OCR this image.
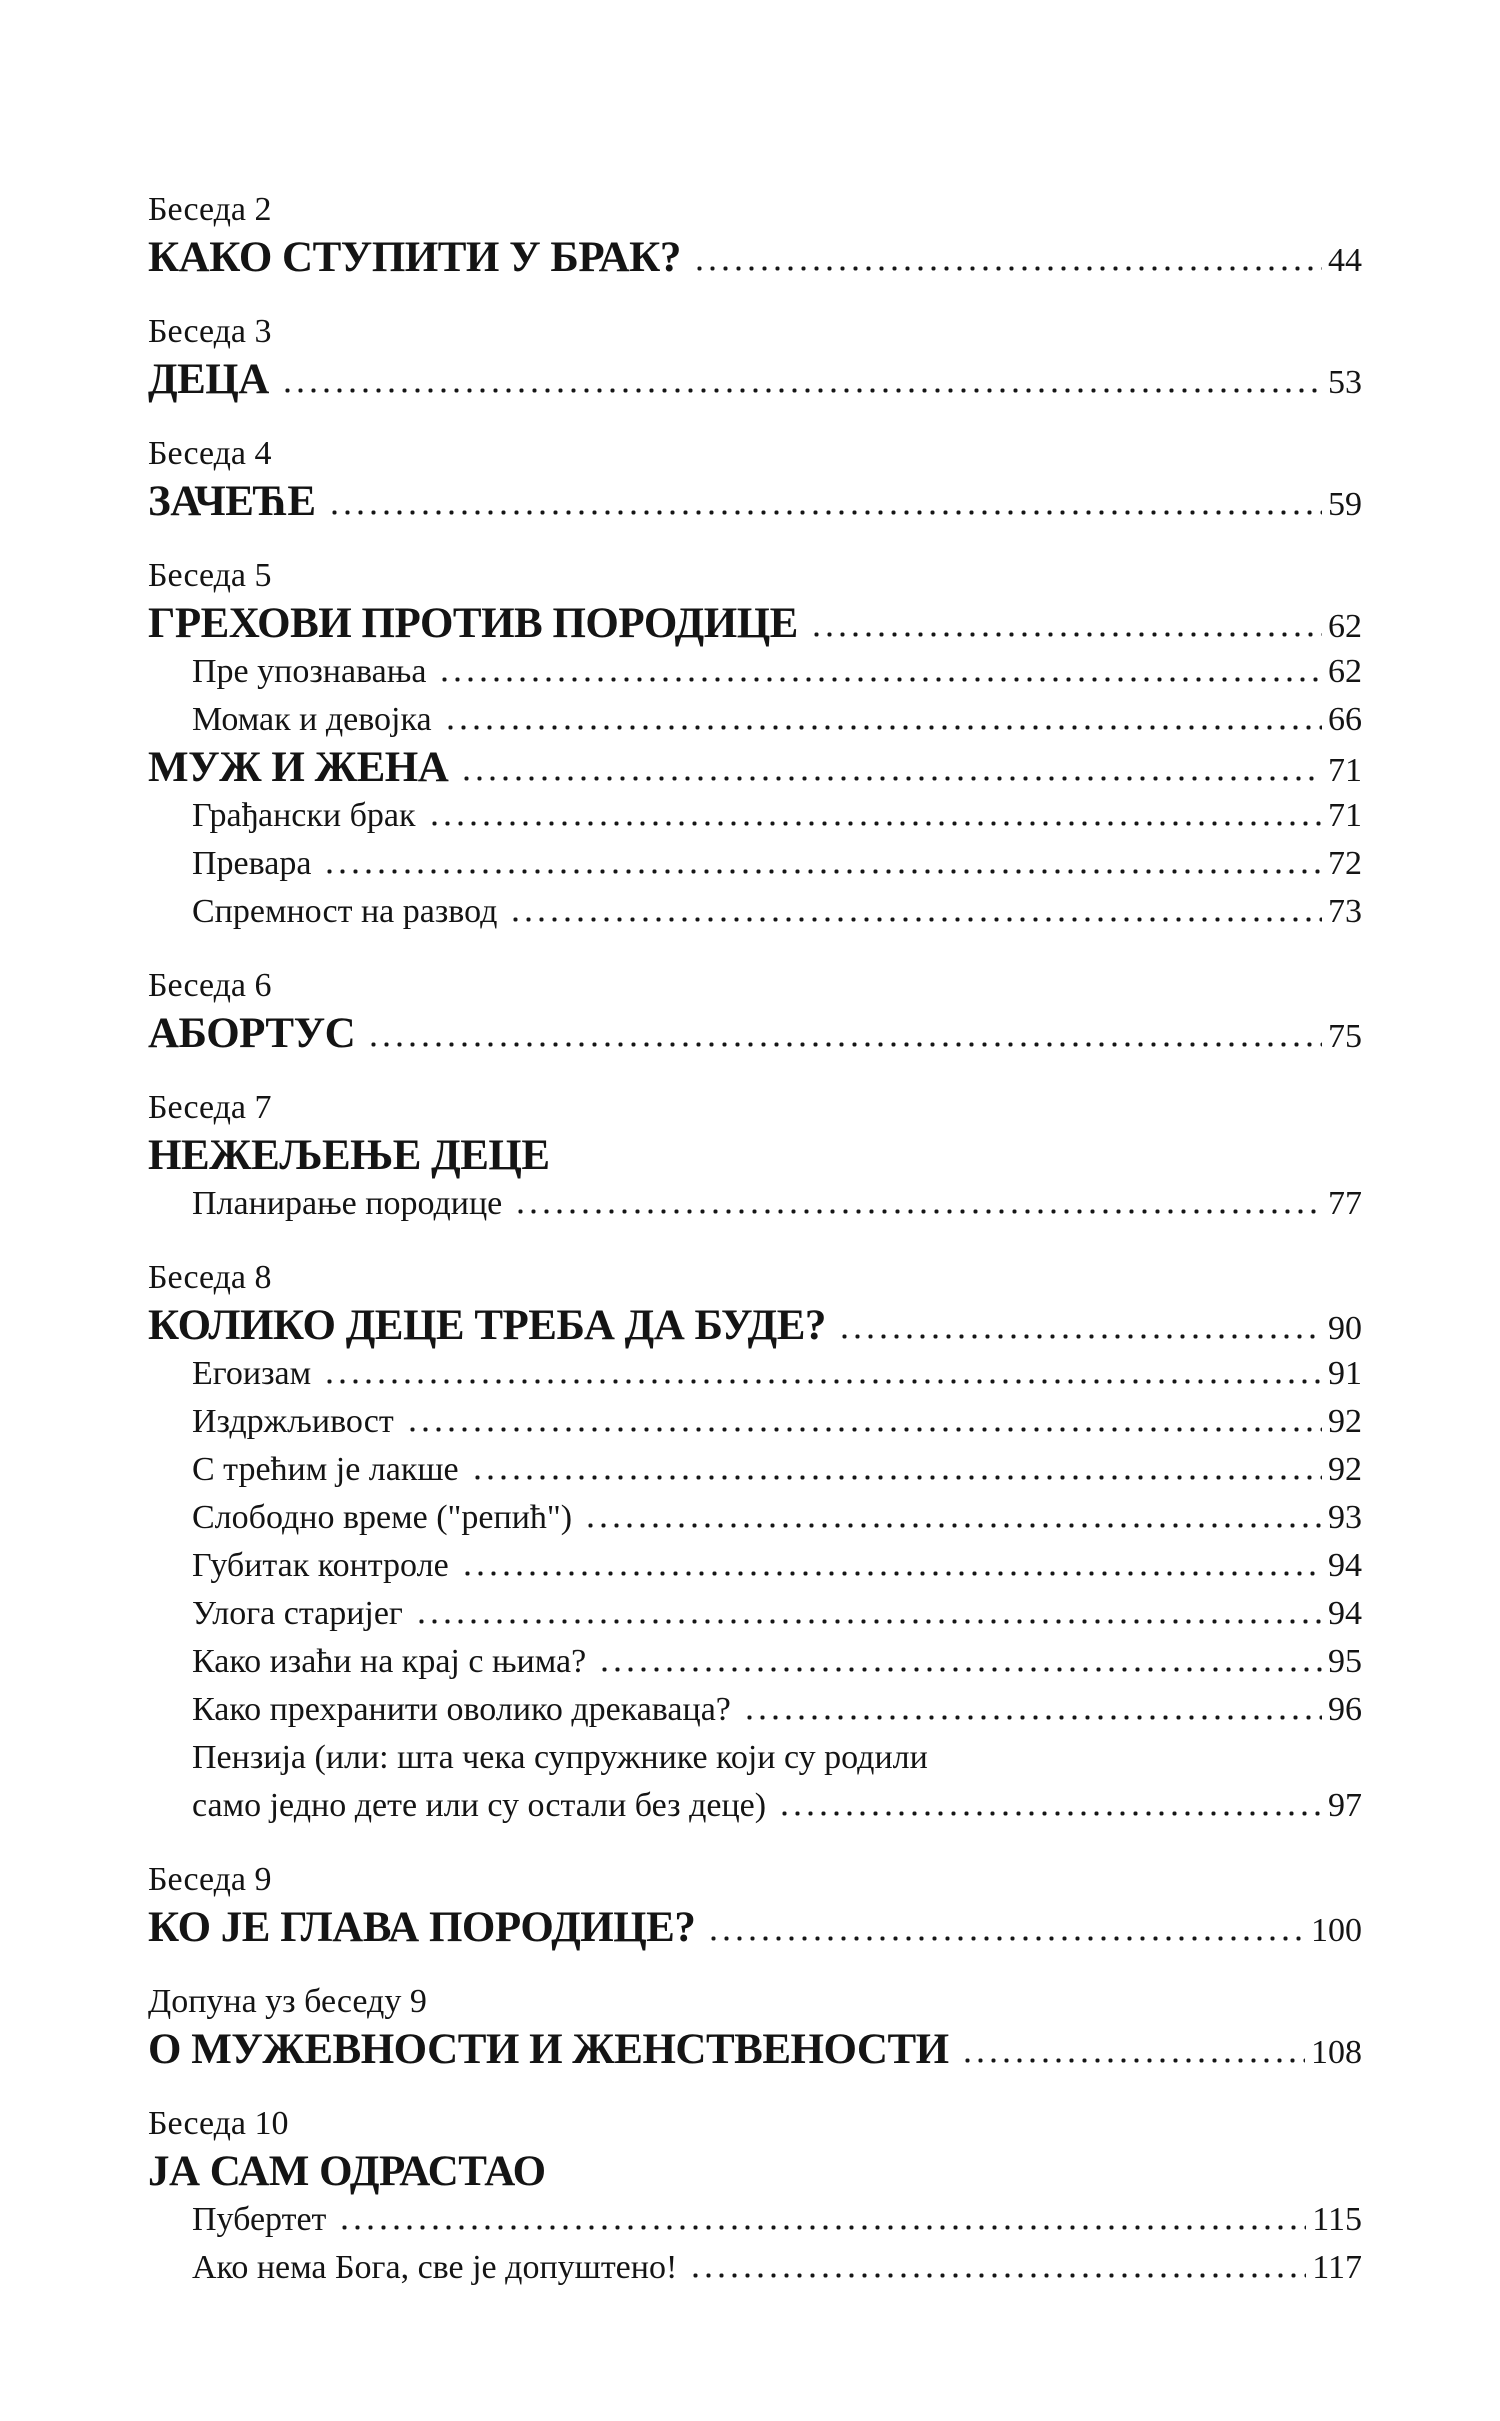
Беседа 2
КАКО СТУПИТИ У БРАК?	44
Беседа 3
ДЕЦА	53
Беседа 4
ЗАЧЕЋЕ	59
Беседа 5
ГРЕХОВИ ПРОТИВ ПОРОДИЦЕ	62
Пре упознавања	62
Момак и девојка	66
МУЖ И ЖЕНА	71
Грађански брак	71
Превара	72
Спремност на развод	73
Беседа 6
АБОРТУС	75
Беседа 7
НЕЖЕЉЕЊЕ ДЕЦЕ
Планирање породице	77
Беседа 8
КОЛИКО ДЕЦЕ ТРЕБА ДА БУДЕ?	90
Егоизам	91
Издржљивост	92
С трећим је лакше	92
Слободно време ("репић")	93
Губитак контроле	94
Улога старијег	94
Како изаћи на крај с њима?	95
Како прехранити оволико дрекаваца?	96
Пензија (или: шта чека супружнике који су родили
само једно дете или су остали без деце)	97
Беседа 9
КО ЈЕ ГЛАВА ПОРОДИЦЕ?	100
Допуна уз беседу 9
О МУЖЕВНОСТИ И ЖЕНСТВЕНОСТИ	108
Беседа 10
ЈА САМ ОДРАСТАО
Пубертет	115
Ако нема Бога, све је допуштено!	117
